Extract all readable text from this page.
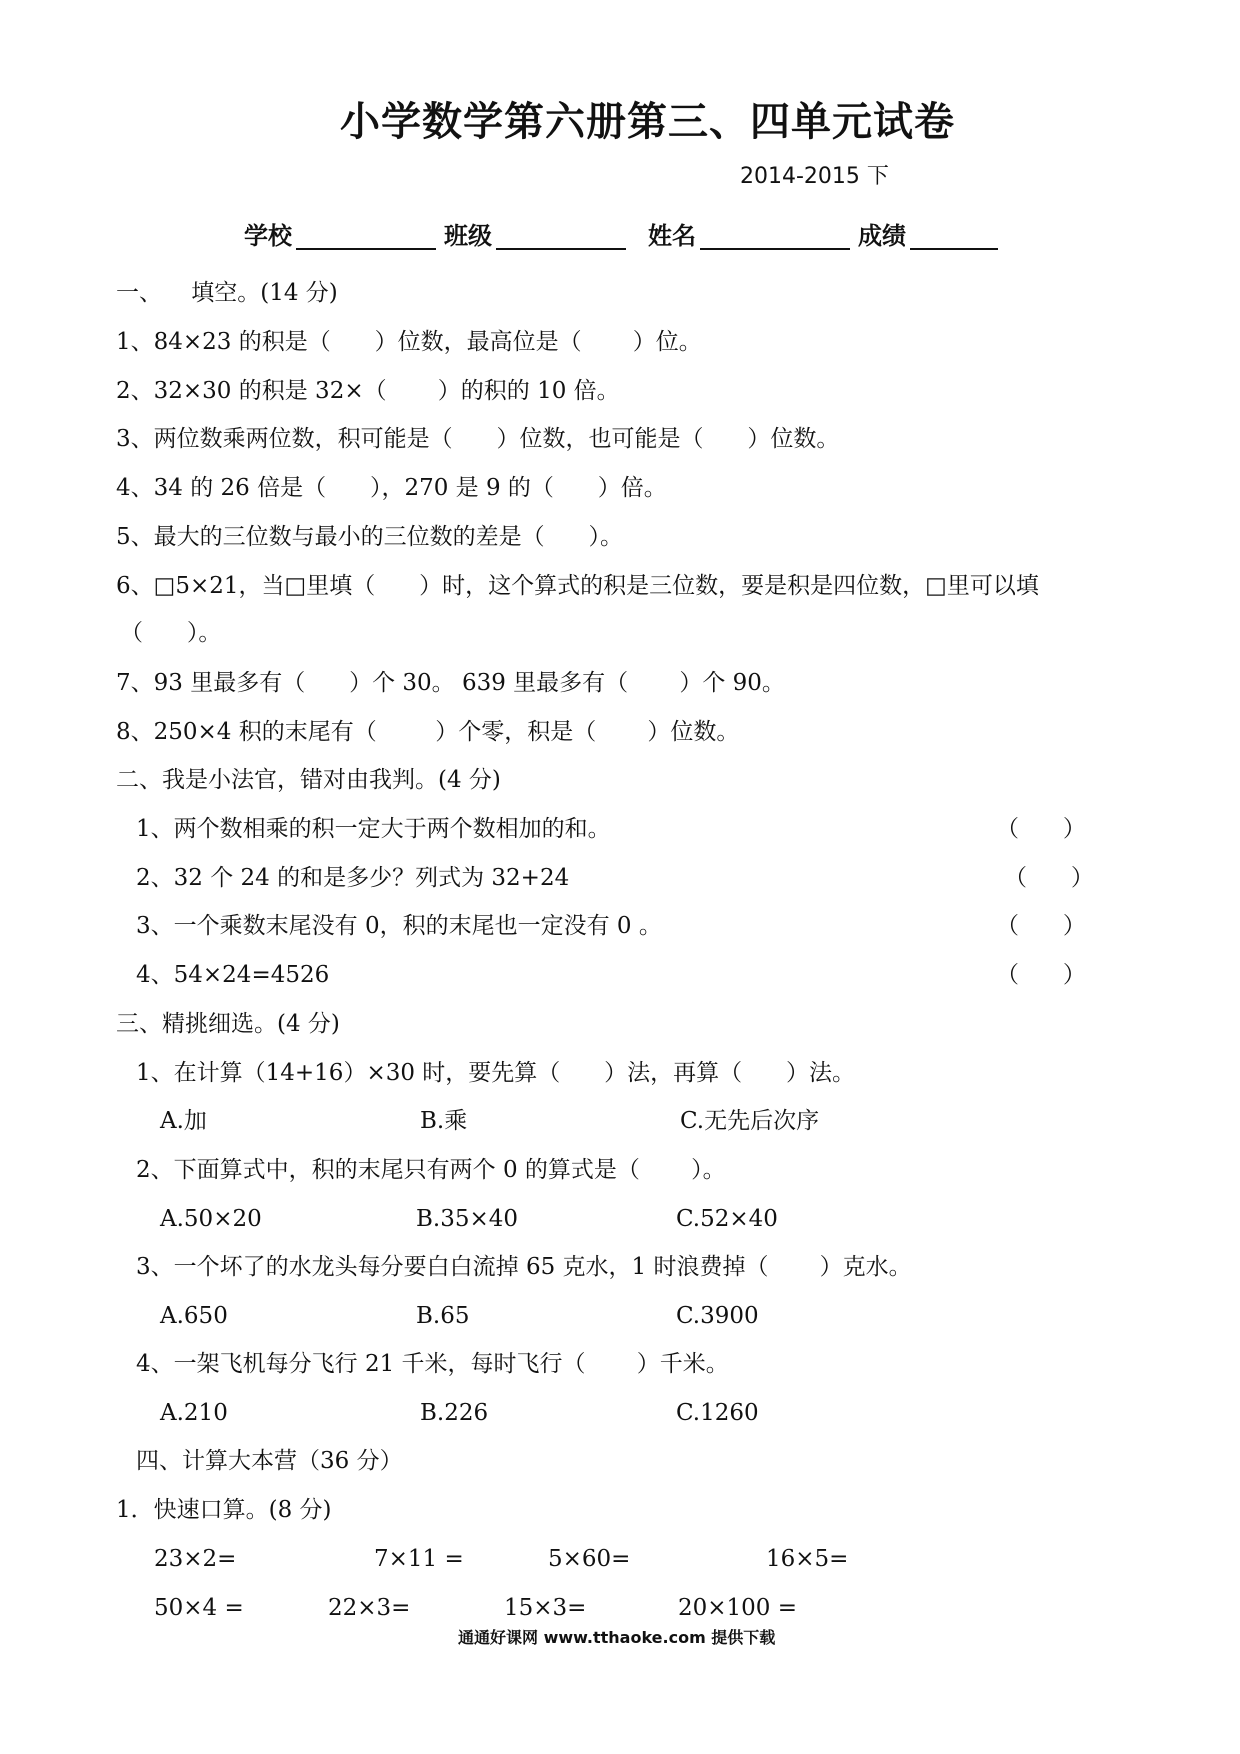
小学数学第六册第三、四单元试卷
2014-2015 下
学校	班级	姓名	成绩
一、    填空。(14 分)
1、84×23 的积是（      ）位数，最高位是（       ）位。
2、32×30 的积是 32×（       ）的积的 10 倍。
3、两位数乘两位数，积可能是（      ）位数，也可能是（      ）位数。
4、34 的 26 倍是（      ），270 是 9 的（      ）倍。
5、最大的三位数与最小的三位数的差是（      ）。
6、□5×21，当□里填（      ）时，这个算式的积是三位数，要是积是四位数，□里可以填
（      ）。
7、93 里最多有（      ）个 30。 639 里最多有（       ）个 90。
8、250×4 积的末尾有（        ）个零，积是（       ）位数。
二、我是小法官，错对由我判。(4 分)
1、两个数相乘的积一定大于两个数相加的和。	（      ）
2、32 个 24 的和是多少？列式为 32+24	（      ）
3、一个乘数末尾没有 0，积的末尾也一定没有 0 。	（      ）
4、54×24=4526	（      ）
三、精挑细选。(4 分)
1、在计算（14+16）×30 时，要先算（      ）法，再算（      ）法。
A.加	B.乘	C.无先后次序
2、下面算式中，积的末尾只有两个 0 的算式是（       ）。
A.50×20	B.35×40	C.52×40
3、一个坏了的水龙头每分要白白流掉 65 克水，1 时浪费掉（       ）克水。
A.650	B.65	C.3900
4、一架飞机每分飞行 21 千米，每时飞行（       ）千米。
A.210	B.226	C.1260
四、计算大本营（36 分）
1．快速口算。(8 分)
23×2=	7×11 =	5×60=	16×5=
50×4 =	22×3=	15×3=	20×100 =
通通好课网 www.tthaoke.com 提供下载
